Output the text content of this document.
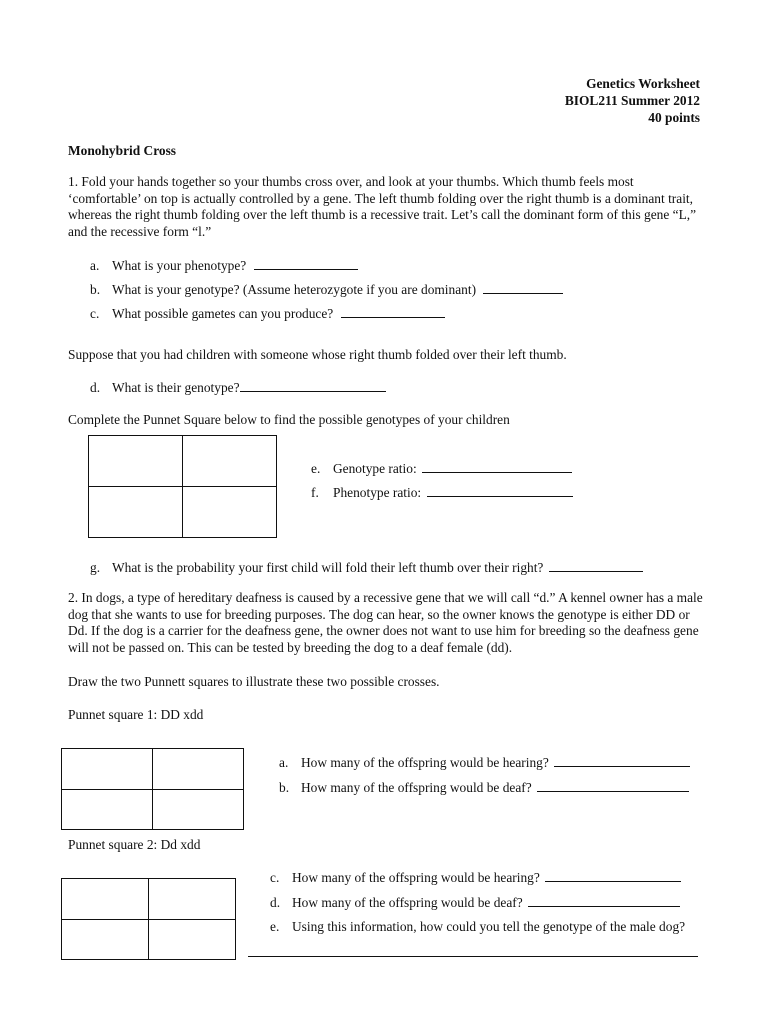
Genetics Worksheet
BIOL211 Summer 2012
40 points
Monohybrid Cross
1. Fold your hands together so your thumbs cross over, and look at your thumbs. Which thumb feels most ‘comfortable’ on top is actually controlled by a gene. The left thumb folding over the right thumb is a dominant trait, whereas the right thumb folding over the left thumb is a recessive trait. Let’s call the dominant form of this gene “L,” and the recessive form “l.”
a. What is your phenotype?
b. What is your genotype? (Assume heterozygote if you are dominant)
c. What possible gametes can you produce?
Suppose that you had children with someone whose right thumb folded over their left thumb.
d. What is their genotype?
Complete the Punnet Square below to find the possible genotypes of your children

e. Genotype ratio:
f. Phenotype ratio:
g. What is the probability your first child will fold their left thumb over their right?
2. In dogs, a type of hereditary deafness is caused by a recessive gene that we will call “d.” A kennel owner has a male dog that she wants to use for breeding purposes. The dog can hear, so the owner knows the genotype is either DD or Dd. If the dog is a carrier for the deafness gene, the owner does not want to use him for breeding so the deafness gene will not be passed on. This can be tested by breeding the dog to a deaf female (dd).
Draw the two Punnett squares to illustrate these two possible crosses.
Punnet square 1: DD xdd

a. How many of the offspring would be hearing?
b. How many of the offspring would be deaf?
Punnet square 2: Dd xdd

c. How many of the offspring would be hearing?
d. How many of the offspring would be deaf?
e. Using this information, how could you tell the genotype of the male dog?
